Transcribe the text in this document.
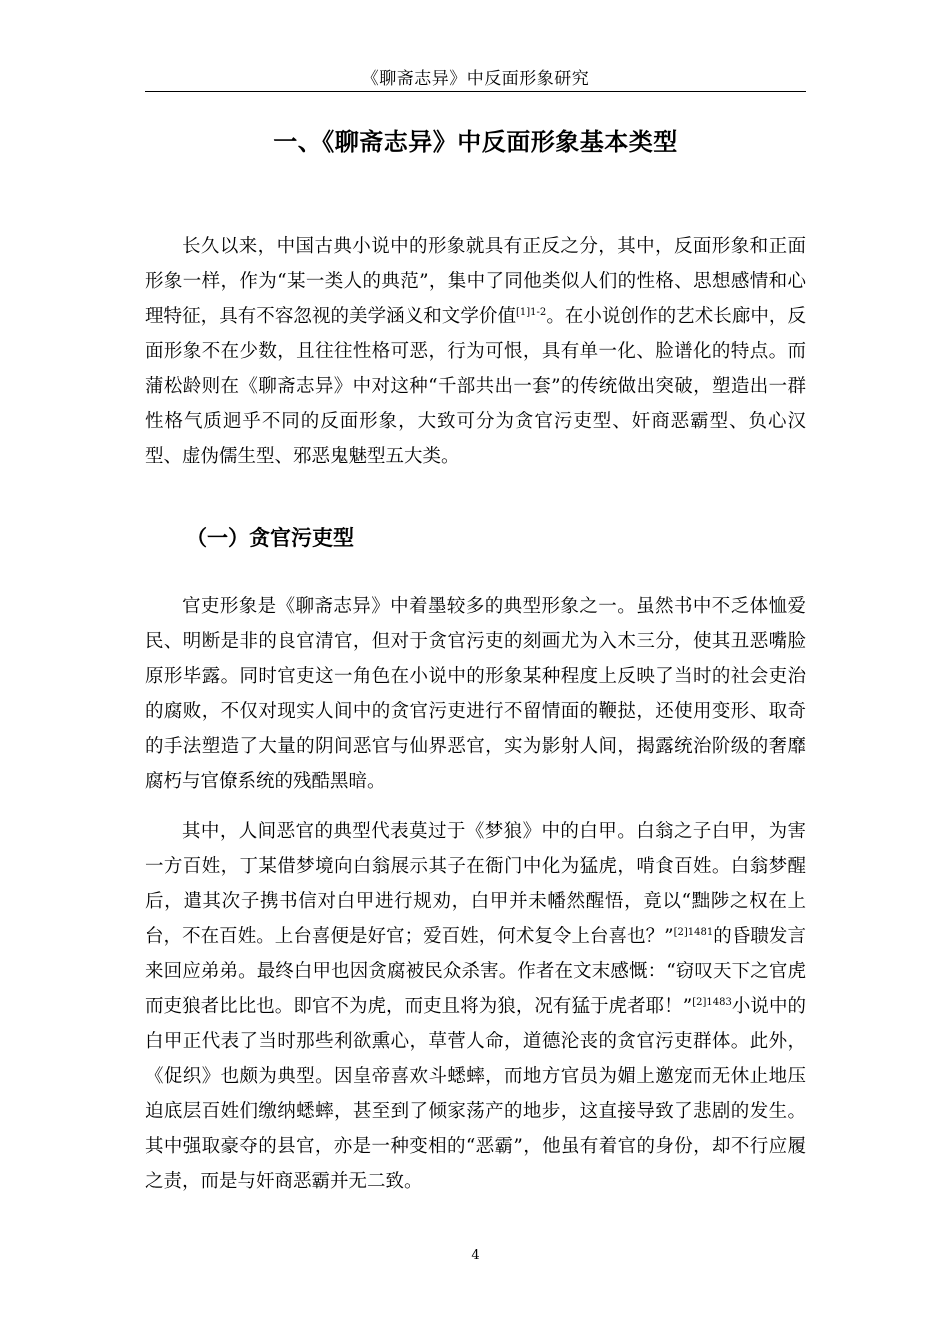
《聊斋志异》中反面形象研究
一、《聊斋志异》中反面形象基本类型

长久以来，中国古典小说中的形象就具有正反之分，其中，反面形象和正面形象一样，作为“某一类人的典范”，集中了同他类似人们的性格、思想感情和心理特征，具有不容忽视的美学涵义和文学价值$^{[1]1-2}$。在小说创作的艺术长廊中，反面形象不在少数，且往往性格可恶，行为可恨，具有单一化、脸谱化的特点。而蒲松龄则在《聊斋志异》中对这种“千部共出一套”的传统做出突破，塑造出一群性格气质迥乎不同的反面形象，大致可分为贪官污吏型、奸商恶霸型、负心汉型、虚伪儒生型、邪恶鬼魅型五大类。

（一）贪官污吏型

官吏形象是《聊斋志异》中着墨较多的典型形象之一。虽然书中不乏体恤爱民、明断是非的良官清官，但对于贪官污吏的刻画尤为入木三分，使其丑恶嘴脸原形毕露。同时官吏这一角色在小说中的形象某种程度上反映了当时的社会吏治的腐败，不仅对现实人间中的贪官污吏进行不留情面的鞭挞，还使用变形、取奇的手法塑造了大量的阴间恶官与仙界恶官，实为影射人间，揭露统治阶级的奢靡腐朽与官僚系统的残酷黑暗。

其中，人间恶官的典型代表莫过于《梦狼》中的白甲。白翁之子白甲，为害一方百姓，丁某借梦境向白翁展示其子在衙门中化为猛虎，啃食百姓。白翁梦醒后，遣其次子携书信对白甲进行规劝，白甲并未幡然醒悟，竟以“黜陟之权在上台，不在百姓。上台喜便是好官；爱百姓，何术复令上台喜也？”$^{[2]1481}$的昏聩发言来回应弟弟。最终白甲也因贪腐被民众杀害。作者在文末感慨：“窃叹天下之官虎而吏狼者比比也。即官不为虎，而吏且将为狼，况有猛于虎者耶！”$^{[2]1483}$小说中的白甲正代表了当时那些利欲熏心，草菅人命，道德沦丧的贪官污吏群体。此外，《促织》也颇为典型。因皇帝喜欢斗蟋蟀，而地方官员为媚上邀宠而无休止地压迫底层百姓们缴纳蟋蟀，甚至到了倾家荡产的地步，这直接导致了悲剧的发生。其中强取豪夺的县官，亦是一种变相的“恶霸”，他虽有着官的身份，却不行应履之责，而是与奸商恶霸并无二致。

4
